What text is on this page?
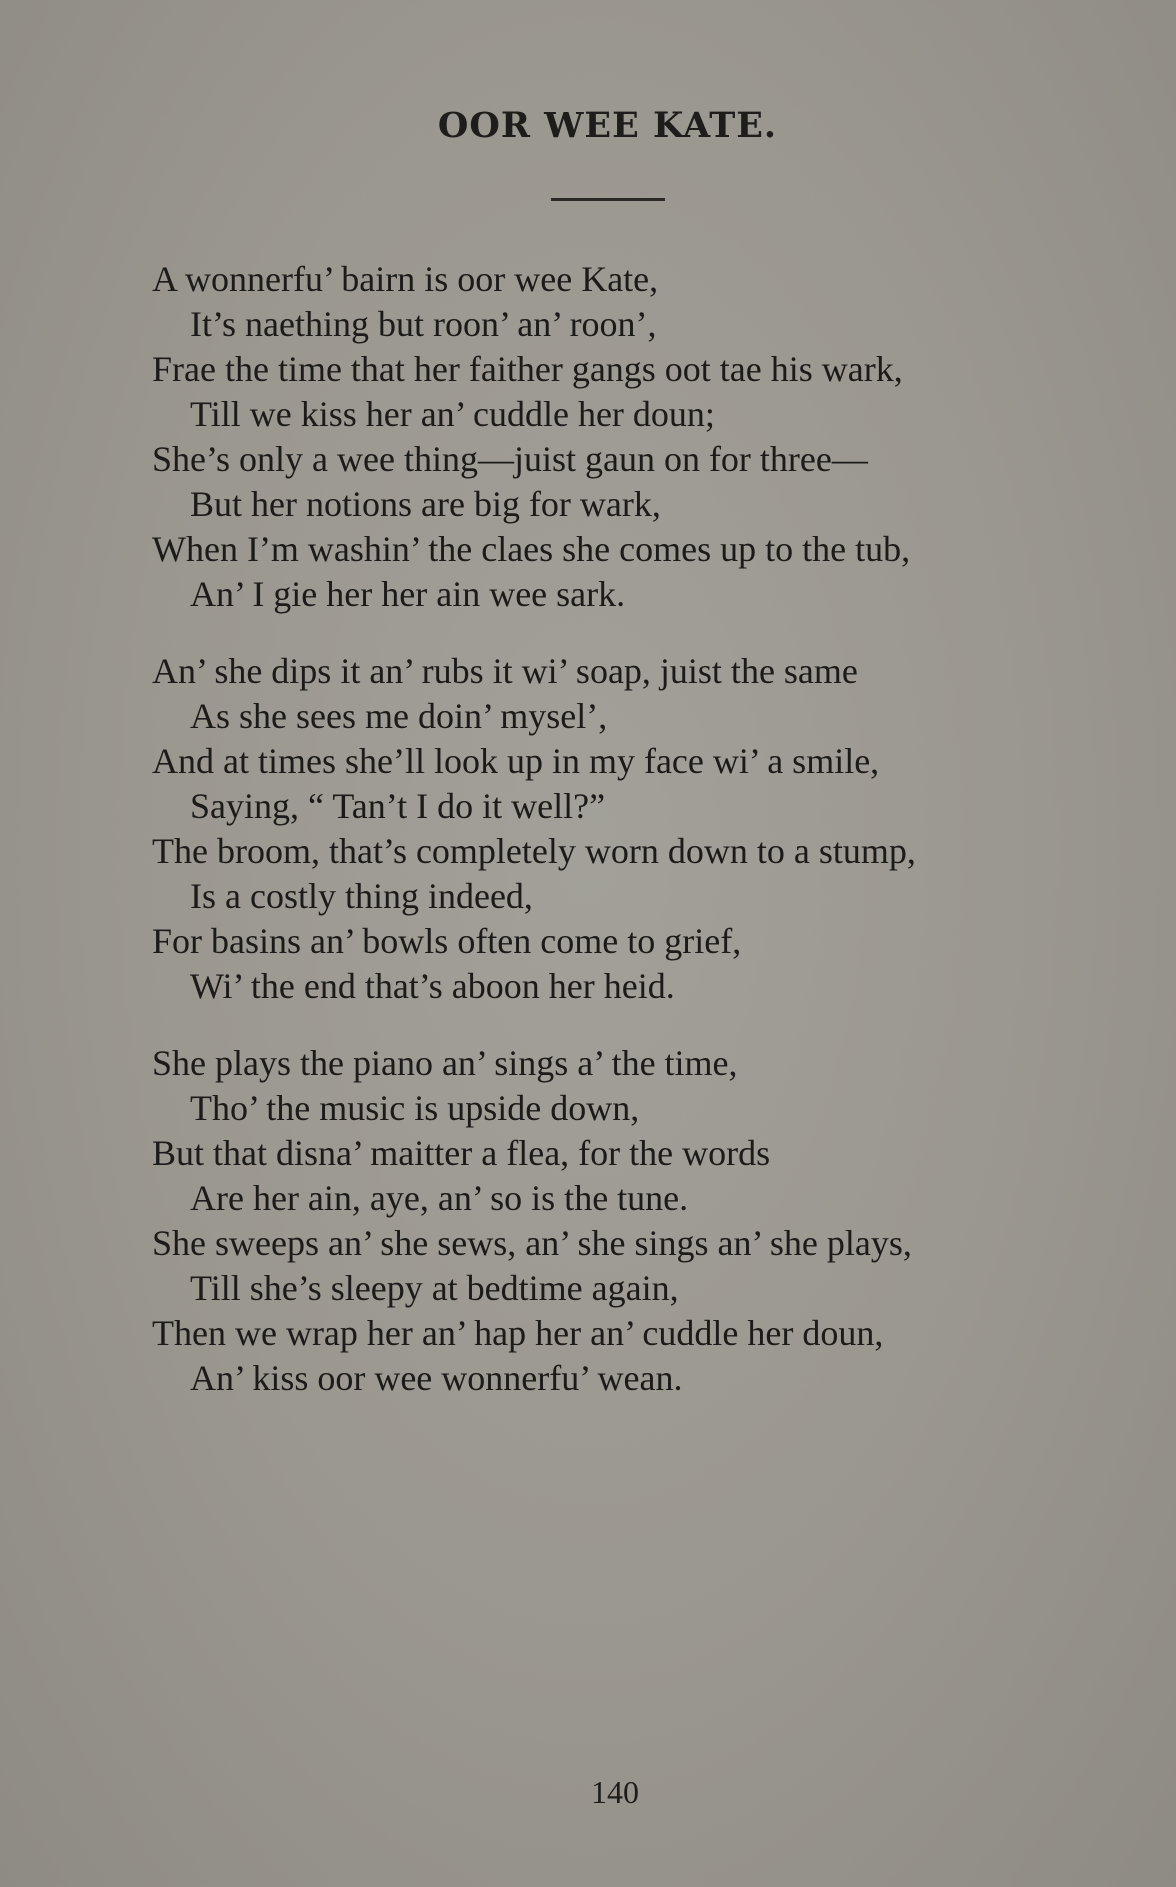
OOR WEE KATE.
A wonnerfu’ bairn is oor wee Kate,
It’s naething but roon’ an’ roon’,
Frae the time that her faither gangs oot tae his wark,
Till we kiss her an’ cuddle her doun;
She’s only a wee thing—juist gaun on for three—
But her notions are big for wark,
When I’m washin’ the claes she comes up to the tub,
An’ I gie her her ain wee sark.
An’ she dips it an’ rubs it wi’ soap, juist the same
As she sees me doin’ mysel’,
And at times she’ll look up in my face wi’ a smile,
Saying, “ Tan’t I do it well?”
The broom, that’s completely worn down to a stump,
Is a costly thing indeed,
For basins an’ bowls often come to grief,
Wi’ the end that’s aboon her heid.
She plays the piano an’ sings a’ the time,
Tho’ the music is upside down,
But that disna’ maitter a flea, for the words
Are her ain, aye, an’ so is the tune.
She sweeps an’ she sews, an’ she sings an’ she plays,
Till she’s sleepy at bedtime again,
Then we wrap her an’ hap her an’ cuddle her doun,
An’ kiss oor wee wonnerfu’ wean.
140
